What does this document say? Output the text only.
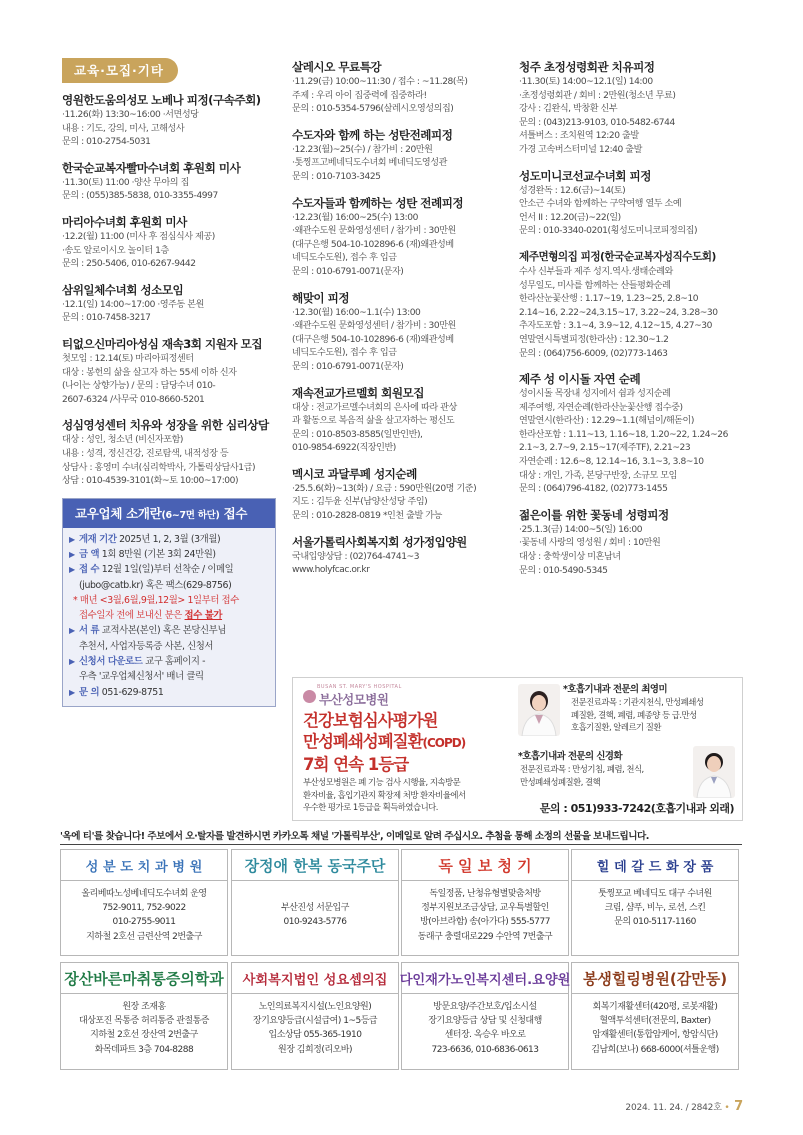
교육·모집·기타
영원한도움의성모 노베나 피정(구속주회)
·11.26(화) 13:30~16:00 ·서면성당
내용 : 기도, 강의, 미사, 고해성사
문의 : 010-2754-5031
한국순교복자빨마수녀회 후원회 미사
·11.30(토) 11:00 ·양산 무아의 집
문의 : (055)385-5838, 010-3355-4997
마리아수녀회 후원회 미사
·12.2(월) 11:00 (미사 후 점심식사 제공)
·송도 알로이시오 놀이터 1층
문의 : 250-5406, 010-6267-9442
삼위일체수녀회 성소모임
·12.1(일) 14:00~17:00 ·영주동 본원
문의 : 010-7458-3217
티없으신마리아성심 재속3회 지원자 모집
첫모임 : 12.14(토) 마리아피정센터
대상 : 봉헌의 삶을 살고자 하는 55세 이하 신자
(나이는 상향가능) / 문의 : 담당수녀 010-
2607-6324 /사무국 010-8660-5201
성심영성센터 치유와 성장을 위한 심리상담
대상 : 성인, 청소년 (비신자포함)
내용 : 성격, 정신건강, 진로탐색, 내적성장 등
상담사 : 홍영미 수녀(심리학박사, 가톨릭상담사1급)
상담 : 010-4539-3101(화~토 10:00~17:00)
교우업체 소개란(6~7면 하단) 접수
▶ 게재 기간 2025년 1, 2, 3월 (3개월)
▶ 금 액 1회 8만원 (기본 3회 24만원)
▶ 접 수 12월 1일(일)부터 선착순 / 이메일
(jubo@catb.kr) 혹은 팩스(629-8756)
* 매년 <3월,6월,9월,12월> 1일부터 접수
접수일자 전에 보내신 분은 접수 불가
▶ 서 류 교적사본(본인) 혹은 본당신부님
추천서, 사업자등록증 사본, 신청서
▶ 신청서 다운로드 교구 홈페이지 -
우측 '교우업체신청서' 배너 클릭
▶ 문 의 051-629-8751
살레시오 무료특강
·11.29(금) 10:00~11:30 / 접수 : ~11.28(목)
주제 : 우리 아이 집중력에 집중하라!
문의 : 010-5354-5796(살레시오영성의집)
수도자와 함께 하는 성탄전례피정
·12.23(월)~25(수) / 참가비 : 20만원
·톳찡프고베네딕도수녀회 베네딕도영성관
문의 : 010-7103-3425
수도자들과 함께하는 성탄 전례피정
·12.23(월) 16:00~25(수) 13:00
·왜관수도원 문화영성센터 / 참가비 : 30만원
(대구은행 504-10-102896-6 (재)왜관성베
네딕도수도원), 접수 후 입금
문의 : 010-6791-0071(문자)
해맞이 피정
·12.30(월) 16:00~1.1(수) 13:00
·왜관수도원 문화영성센터 / 참가비 : 30만원
(대구은행 504-10-102896-6 (재)왜관성베
네딕도수도원), 접수 후 입금
문의 : 010-6791-0071(문자)
재속전교가르멜회 회원모집
대상 : 전교가르멜수녀회의 은사에 따라 관상
과 활동으로 복음적 삶을 살고자하는 평신도
문의 : 010-8503-8585(일반인반),
010-9854-6922(직장인반)
멕시코 과달루페 성지순례
·25.5.6(화)~13(화) / 요금 : 590만원(20명 기준)
지도 : 김두윤 신부(남양산성당 주임)
문의 : 010-2828-0819 *인천 출발 가능
서울가톨릭사회복지회 성가정입양원
국내입양상담 : (02)764-4741~3
www.holyfcac.or.kr
청주 초정성령회관 치유피정
·11.30(토) 14:00~12.1(일) 14:00
·초정성령회관 / 회비 : 2만원(청소년 무료)
강사 : 김완식, 박창환 신부
문의 : (043)213-9103, 010-5482-6744
셔틀버스 : 조치원역 12:20 출발
가경 고속버스터미널 12:40 출발
성도미니코선교수녀회 피정
성경완독 : 12.6(금)~14(토)
안소근 수녀와 함께하는 구약여행 열두 소예
언서 II : 12.20(금)~22(일)
문의 : 010-3340-0201(횡성도미니코피정의집)
제주면형의집 피정(한국순교복자성직수도회)
수사 신부들과 제주 성지.역사.생태순례와
성무일도, 미사를 함께하는 산들평화순례
한라산눈꽃산행 : 1.17~19, 1.23~25, 2.8~10
2.14~16, 2.22~24,3.15~17, 3.22~24, 3.28~30
추자도포함 : 3.1~4, 3.9~12, 4.12~15, 4.27~30
연말연시특별피정(한라산) : 12.30~1.2
문의 : (064)756-6009, (02)773-1463
제주 성 이시돌 자연 순례
성이시돌 목장내 성지에서 쉼과 성지순례
제주여행, 자연순례(한라산눈꽃산행 접수중)
연말연시(한라산) : 12.29~1.1(해넘이/해돋이)
한라산포함 : 1.11~13, 1.16~18, 1.20~22, 1.24~26
2.1~3, 2.7~9, 2.15~17(제주TF), 2.21~23
자연순례 : 12.6~8, 12.14~16, 3.1~3, 3.8~10
대상 : 개인, 가족, 본당구반장, 소규모 모임
문의 : (064)796-4182, (02)773-1455
젊은이를 위한 꽃동네 성령피정
·25.1.3(금) 14:00~5(일) 16:00
·꽃동네 사랑의 영성원 / 회비 : 10만원
대상 : 충학생이상 미혼남녀
문의 : 010-5490-5345
BUSAN ST. MARY'S HOSPITAL
부산성모병원
건강보험심사평가원
만성폐쇄성폐질환(COPD)
7회 연속 1등급
부산성모병원은 폐 기능 검사 시행율, 지속방문
환자비율, 흡입기관지 확장제 처방 환자비율에서
우수한 평가로 1등급을 획득하였습니다.
*호흡기내과 전문의 최영미
전문진료과목 : 기관지천식, 만성폐쇄성
폐질환, 결핵, 폐렴, 폐종양 등 급.만성
호흡기질환, 알레르기 질환
*호흡기내과 전문의 신경화
전문진료과목 : 만성기침, 폐렴, 천식,
만성폐쇄성폐질환, 결핵
문의 : 051)933-7242(호흡기내과 외래)
'옥에 티'를 찾습니다! 주보에서 오·탈자를 발견하시면 카카오톡 채널 '가톨릭부산', 이메일로 알려 주십시오. 추첨을 통해 소정의 선물을 보내드립니다.
성 분 도 치 과 병 원
올리베따노성베네딕도수녀회 운영
752-9011, 752-9022
010-2755-9011
지하철 2호선 금련산역 2번출구
장정애 한복 동국주단
부산진성 서문입구
010-9243-5776
독 일 보 청 기
독일정품, 난청유형별맞춤처방
정부지원보조금상담, 교우특별할인
방(아브라함) 송(아가다) 555-5777
동래구 충렬대로229 수안역 7번출구
힐 데 갈 드 화 장 품
툿찡포교 베네딕도 대구 수녀원
크림, 샴푸, 비누, 로션, 스킨
문의 010-5117-1160
장산바른마취통증의학과
원장 조재홍
대상포진 목통증 허리통증 관절통증
지하철 2호선 장산역 2번출구
화목데파트 3층 704-8288
사회복지법인 성요셉의집
노인의료복지시설(노인요양원)
장기요양등급(시설급여) 1~5등급
입소상담 055-365-1910
원장 김희정(리오바)
다인재가노인복지센터.요양원
방문요양/주간보호/입소시설
장기요양등급 상담 및 신청대행
센터장. 옥승우 바오로
723-6636, 010-6836-0613
봉생힐링병원(감만동)
회복기재활센터(420평, 로봇재활)
혈액투석센터(전문의, Baxter)
암재활센터(통합암케어, 항암식단)
김남희(보나) 668-6000(셔틀운행)
2024. 11. 24. / 2842호 • 7
